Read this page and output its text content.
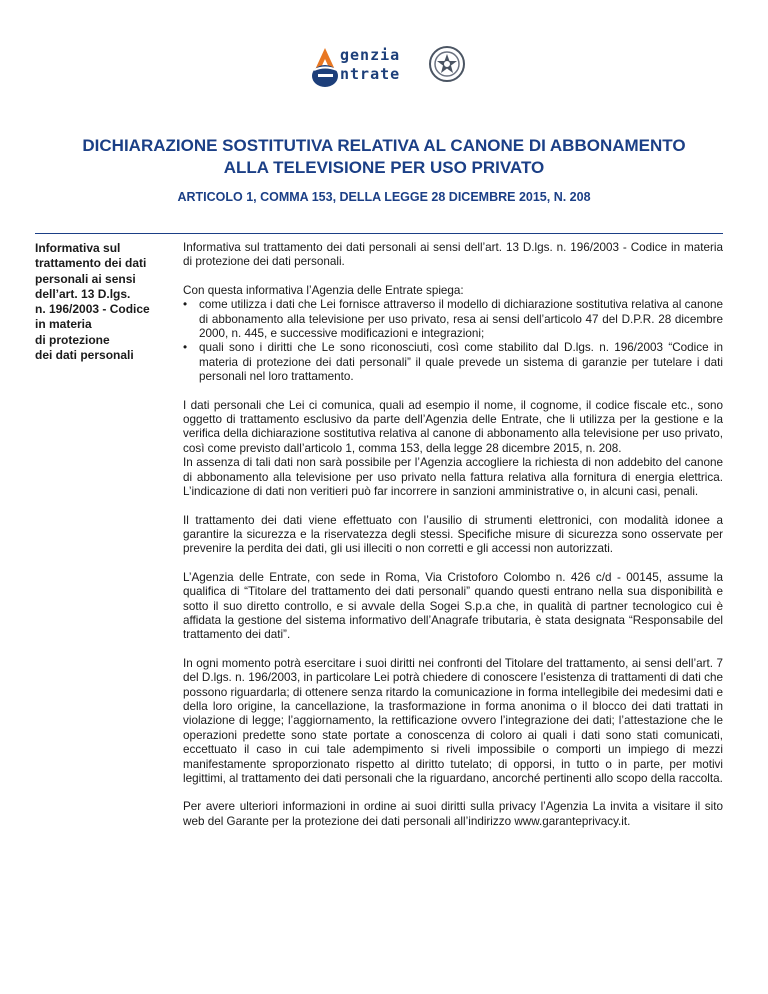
genzia
ntrate
DICHIARAZIONE SOSTITUTIVA RELATIVA AL CANONE DI ABBONAMENTO
ALLA TELEVISIONE PER USO PRIVATO
ARTICOLO 1, COMMA 153, DELLA LEGGE 28 DICEMBRE 2015, N. 208
Informativa sul
trattamento dei dati
personali ai sensi
dell’art. 13 D.lgs.
n. 196/2003 - Codice
in materia
di protezione
dei dati personali

Informativa sul trattamento dei dati personali ai sensi dell’art. 13 D.lgs. n. 196/2003 - Codice in materia di protezione dei dati personali.

Con questa informativa l’Agenzia delle Entrate spiega:

• come utilizza i dati che Lei fornisce attraverso il modello di dichiarazione sostitutiva relativa al canone di abbonamento alla televisione per uso privato, resa ai sensi dell’articolo 47 del D.P.R. 28 dicembre 2000, n. 445, e successive modificazioni e integrazioni;
• quali sono i diritti che Le sono riconosciuti, così come stabilito dal D.lgs. n. 196/2003 “Codice in materia di protezione dei dati personali” il quale prevede un sistema di garanzie per tutelare i dati personali nel loro trattamento.

I dati personali che Lei ci comunica, quali ad esempio il nome, il cognome, il codice fiscale etc., sono oggetto di trattamento esclusivo da parte dell’Agenzia delle Entrate, che li utilizza per la gestione e la verifica della dichiarazione sostitutiva relativa al canone di abbonamento alla televisione per uso privato, così come previsto dall’articolo 1, comma 153, della legge 28 dicembre 2015, n. 208.
In assenza di tali dati non sarà possibile per l’Agenzia accogliere la richiesta di non addebito del canone di abbonamento alla televisione per uso privato nella fattura relativa alla fornitura di energia elettrica. L’indicazione di dati non veritieri può far incorrere in sanzioni amministrative o, in alcuni casi, penali.

Il trattamento dei dati viene effettuato con l’ausilio di strumenti elettronici, con modalità idonee a garantire la sicurezza e la riservatezza degli stessi. Specifiche misure di sicurezza sono osservate per prevenire la perdita dei dati, gli usi illeciti o non corretti e gli accessi non autorizzati.

L’Agenzia delle Entrate, con sede in Roma, Via Cristoforo Colombo n. 426 c/d - 00145, assume la qualifica di “Titolare del trattamento dei dati personali” quando questi entrano nella sua disponibilità e sotto il suo diretto controllo, e si avvale della Sogei S.p.a che, in qualità di partner tecnologico cui è affidata la gestione del sistema informativo dell’Anagrafe tributaria, è stata designata “Responsabile del trattamento dei dati”.

In ogni momento potrà esercitare i suoi diritti nei confronti del Titolare del trattamento, ai sensi dell’art. 7 del D.lgs. n. 196/2003, in particolare Lei potrà chiedere di conoscere l’esistenza di trattamenti di dati che possono riguardarla; di ottenere senza ritardo la comunicazione in forma intellegibile dei medesimi dati e della loro origine, la cancellazione, la trasformazione in forma anonima o il blocco dei dati trattati in violazione di legge; l’aggiornamento, la rettificazione ovvero l’integrazione dei dati; l’attestazione che le operazioni predette sono state portate a conoscenza di coloro ai quali i dati sono stati comunicati, eccettuato il caso in cui tale adempimento si riveli impossibile o comporti un impiego di mezzi manifestamente sproporzionato rispetto al diritto tutelato; di opporsi, in tutto o in parte, per motivi legittimi, al trattamento dei dati personali che la riguardano, ancorché pertinenti allo scopo della raccolta.

Per avere ulteriori informazioni in ordine ai suoi diritti sulla privacy l’Agenzia La invita a visitare il sito web del Garante per la protezione dei dati personali all’indirizzo www.garanteprivacy.it.
